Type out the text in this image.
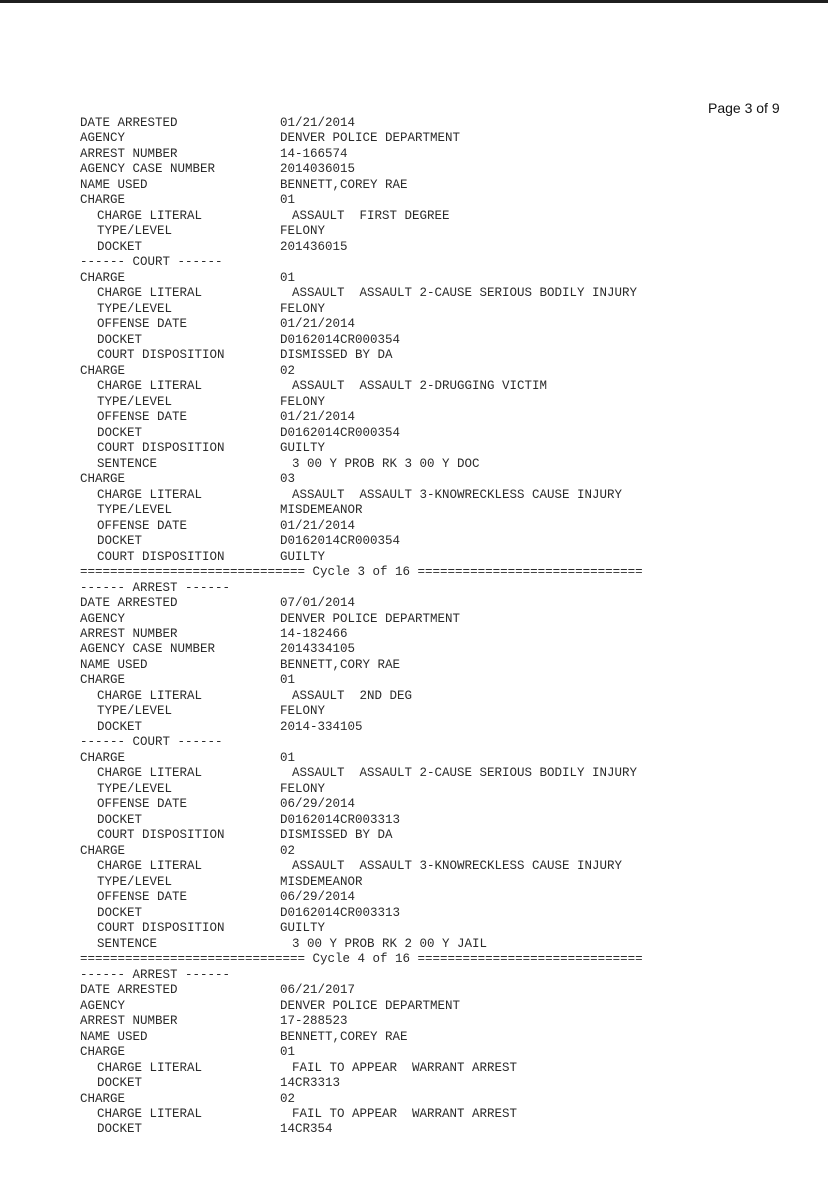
Page 3 of 9
DATE ARRESTED	01/21/2014
AGENCY	DENVER POLICE DEPARTMENT
ARREST NUMBER	14-166574
AGENCY CASE NUMBER	2014036015
NAME USED	BENNETT,COREY RAE
CHARGE	01
CHARGE LITERAL	ASSAULT  FIRST DEGREE
TYPE/LEVEL	FELONY
DOCKET	201436015
------ COURT ------
CHARGE	01
CHARGE LITERAL	ASSAULT  ASSAULT 2-CAUSE SERIOUS BODILY INJURY
TYPE/LEVEL	FELONY
OFFENSE DATE	01/21/2014
DOCKET	D0162014CR000354
COURT DISPOSITION	DISMISSED BY DA
CHARGE	02
CHARGE LITERAL	ASSAULT  ASSAULT 2-DRUGGING VICTIM
TYPE/LEVEL	FELONY
OFFENSE DATE	01/21/2014
DOCKET	D0162014CR000354
COURT DISPOSITION	GUILTY
SENTENCE	3 00 Y PROB RK 3 00 Y DOC
CHARGE	03
CHARGE LITERAL	ASSAULT  ASSAULT 3-KNOWRECKLESS CAUSE INJURY
TYPE/LEVEL	MISDEMEANOR
OFFENSE DATE	01/21/2014
DOCKET	D0162014CR000354
COURT DISPOSITION	GUILTY
============================== Cycle 3 of 16 ==============================
------ ARREST ------
DATE ARRESTED	07/01/2014
AGENCY	DENVER POLICE DEPARTMENT
ARREST NUMBER	14-182466
AGENCY CASE NUMBER	2014334105
NAME USED	BENNETT,CORY RAE
CHARGE	01
CHARGE LITERAL	ASSAULT  2ND DEG
TYPE/LEVEL	FELONY
DOCKET	2014-334105
------ COURT ------
CHARGE	01
CHARGE LITERAL	ASSAULT  ASSAULT 2-CAUSE SERIOUS BODILY INJURY
TYPE/LEVEL	FELONY
OFFENSE DATE	06/29/2014
DOCKET	D0162014CR003313
COURT DISPOSITION	DISMISSED BY DA
CHARGE	02
CHARGE LITERAL	ASSAULT  ASSAULT 3-KNOWRECKLESS CAUSE INJURY
TYPE/LEVEL	MISDEMEANOR
OFFENSE DATE	06/29/2014
DOCKET	D0162014CR003313
COURT DISPOSITION	GUILTY
SENTENCE	3 00 Y PROB RK 2 00 Y JAIL
============================== Cycle 4 of 16 ==============================
------ ARREST ------
DATE ARRESTED	06/21/2017
AGENCY	DENVER POLICE DEPARTMENT
ARREST NUMBER	17-288523
NAME USED	BENNETT,COREY RAE
CHARGE	01
CHARGE LITERAL	FAIL TO APPEAR  WARRANT ARREST
DOCKET	14CR3313
CHARGE	02
CHARGE LITERAL	FAIL TO APPEAR  WARRANT ARREST
DOCKET	14CR354
